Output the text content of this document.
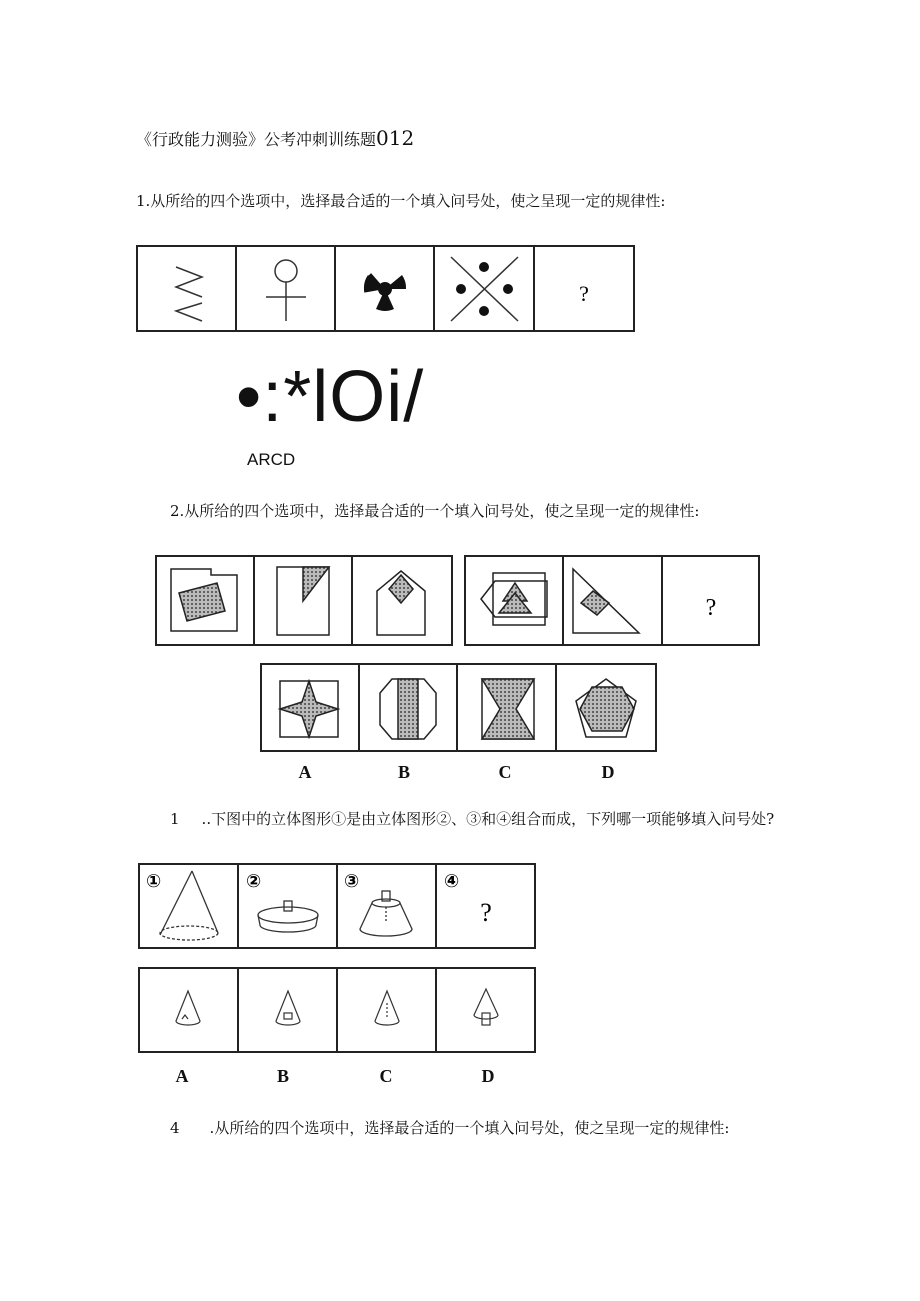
《行政能力测验》公考冲刺训练题012
1.从所给的四个选项中，选择最合适的一个填入问号处，使之呈现一定的规律性:
?
•:*lOi/
ARCD
2.从所给的四个选项中，选择最合适的一个填入问号处，使之呈现一定的规律性:
?
A	B	C	D
1 ..下图中的立体图形①是由立体图形②、③和④组合而成，下列哪一项能够填入问号处?
①	②	③	④
?
A	B	C	D
4 .从所给的四个选项中，选择最合适的一个填入问号处，使之呈现一定的规律性:
